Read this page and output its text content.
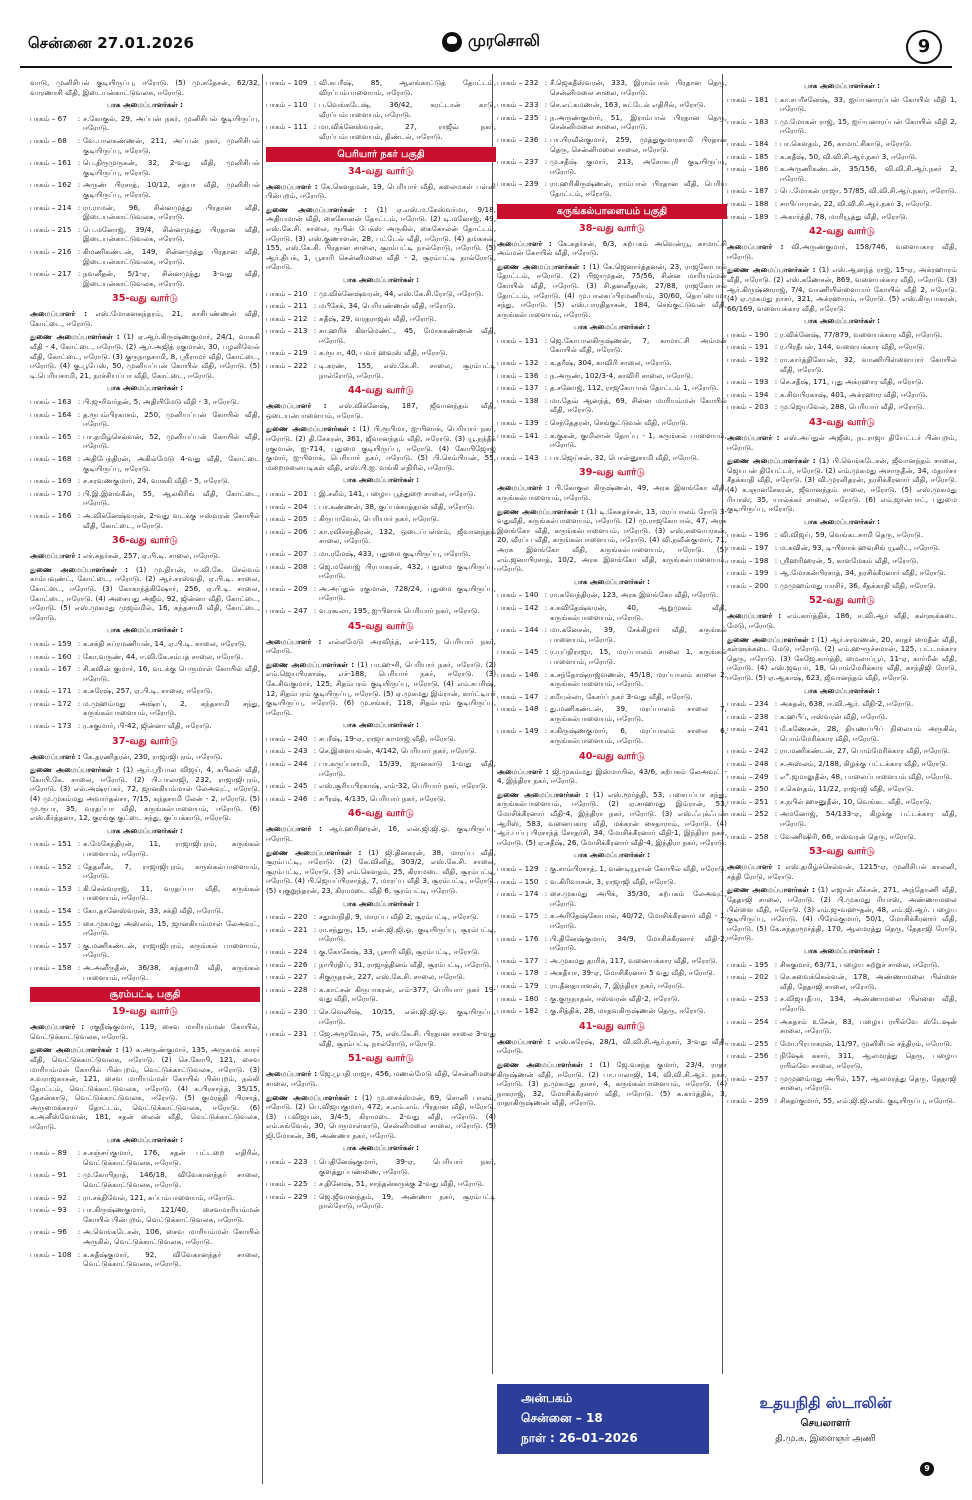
சென்னை 27.01.2026	முரசொலி	9
வாடு, முனிசிபல் குடியிருப்பு, ஈரோடு. (5) மு.சுதேசன், 62/32, வாரணாசி வீதி, இடையன்காட்டுவலசு, ஈரோடு.
பாக அமைப்பாளர்கள் :
பாகம் – 67	: ச.கோகுல், 29, அப்பன் நகர், முனிசிபல் குடியிருப்பு, ஈரோடு.
பாகம் – 68	: வே.பாலகண்ணன், 211, அப்பன் நகர், முனிசிபல் குடியிருப்பு, ஈரோடு.
பாகம் – 161 : பெ.திருமுருகன், 32, 2-வது வீதி, முனிசிபல் குடியிருப்பு, ஈரோடு.
பாகம் – 162 : அருண் பிரசாத், 10/12, சத்யா வீதி, முனிசிபல் குடியிருப்பு, ஈரோடு.
பாகம் – 214 : ரா.ராமன், 96, சின்னமுத்து பிரதான வீதி, இடையன்காட்டுவலசு, ஈரோடு.
பாகம் – 215 : பெ.மனோஜ், 39/4, சின்னமுத்து பிரதான வீதி, இடையன்காட்டுவலசு, ஈரோடு.
பாகம் – 216 : கிமணிகண்டன், 149, சின்னமுத்து பிரதான வீதி, இடையன்காட்டுவலசு, ஈரோடு.
பாகம் – 217 : நவனீதன், 5/1-ஏ, சின்னமுத்து 3-வது வீதி, இடையன்காட்டுவலசு, ஈரோடு.
35-வது வார்டு
அமைப்பாளர் : எஸ்.மோகனசுந்தரம், 21, காசிபண்ணன் வீதி, கோட்டை, ஈரோடு.
துணை அமைப்பாளர்கள் : (1) ஏ.ஆர்.கிருஷ்ணகுமார், 24/1, வாசுகி வீதி - 4, கோட்டை, ஈரோடு. (2) ஆர்.அஜித் ரகுமான், 30, பழனிவேல் வீதி, கோட்டை, ஈரோடு. (3) குருநாதசாமி, 8, ஸ்ரீராமர் வீதி, கோட்டை, ஈரோடு. (4) கு.பூபேஸ், 50, முனியப்பன் கோயில் வீதி, ஈரோடு. (5) டி.பெரியசாமி, 21, நாச்சியப்பா வீதி, கோட்டை, ஈரோடு.
பாக அமைப்பாளர்கள் :
பாகம் – 163 : பி.ஜுரிவர்தன், 5, அதியிமேடு வீதி - 3, ஈரோடு.
பாகம் – 164 : த.ரூபம்பிரகாசம், 250, முனியப்பன் கோயில் வீதி, ஈரோடு.
பாகம் – 165 : பா.தமிழ்செல்வன், 52, முனியப்பன் கோயில் வீதி, ஈரோடு.
பாகம் – 168 : அதிபேந்திரன், அகில்மேடு 4-வது வீதி, கோட்டை குடியிருப்பு, ஈரோடு.
பாகம் – 169 : ச.சரவணகுமார், 24, வாசுகி வீதி - 5, ஈரோடு.
பாகம் – 170 : பி.இ.இளங்கீன், 55, ஆலகிரிங் வீதி, கோட்டை, ஈரோடு.
பாகம் – 166 : அ.விக்னேஷ்வரன், 2-வது வடக்கு ஈஸ்வரன் கோயில் வீதி, கோட்டை, ஈரோடு.
36-வது வார்டு
அமைப்பாளர் : எச்.சுதர்சன், 257, ஏ.பி.டி. சாலை, ஈரோடு.
துணை அமைப்பாளர்கள் : (1) மு.தியன், ஈ.வி.கே. செல்வம் காம்பவுண்ட், கோட்டை, ஈரோடு. (2) ஆர்.சரஸ்வதி, ஏ.பி.டி. சாலை, கோட்டை, ஈரோடு. (3) கோகாந்த்கிஷோர், 256, ஏ.பி.டி. சாலை, கோட்டை, ஈரோடு. (4) அசையது அஜீம், 92, ஜின்னா வீதி, கோட்டை, ஈரோடு. (5) எஸ்.முகமது முஜம்மில், 16, கந்தசாமி வீதி, கோட்டை, ஈரோடு.
பாக அமைப்பாளர்கள் :
பாகம் – 159 : க.சக்தி சுப்ரமணியன், 14, ஏ.பி.டி. சாலை, ஈரோடு.
பாகம் – 160 : கோ.வருண், 44, ஈ.வி.கே.சம்பத் சாலை, ஈரோடு.
பாகம் – 167 : சி.கவின் குமார், 16, வடக்கு பெருமாள் கோயில் வீதி, ஈரோடு.
பாகம் – 171 : க.சுரேஷ், 257, ஏ.பி.டி. சாலை, ஈரோடு.
பாகம் – 172 : ம.முஹம்மது அஷ்ரப், 2, கந்தசாமி சந்து, கருங்கல்பாளையம், ஈரோடு.
பாகம் – 173 : ர.சுகுமார், பி-42, ஜின்னா வீதி, ஈரோடு.
37-வது வார்டு
அமைப்பாளர் : கே.தரணிதரன், 230, ராஜாஜிபுரம், ஈரோடு.
துணை அமைப்பாளர்கள் : (1) ஆர்.ஸ்ரீபால விஜய், 4, கபிலன் வீதி, கோபி.கே. சாலை, ஈரோடு. (2) பி.பாலாஜி, 232, ராஜாஜிபுரம், ஈரோடு. (3) எல்.அஷ்ரப்கர், 72, ஜானகியம்மாள் லேஅவுட், ஈரோடு. (4) மு.முகம்மது அவார்தல்சா, 7/15, கந்தசாமி லேன் - 2, ஈரோடு. (5) மு.ரூபா, 35, வரதப்பா வீதி, கருங்கல்பாளையம், ஈரோடு. (6) எஸ்.கீர்த்தனா, 12, குரங்கு குட்டை சந்து, குப்பக்காடு, ஈரோடு.
பாக அமைப்பாளர்கள் :
பாகம் – 151 : சு.மேகேந்திரன், 11, ராஜாஜிபுரம், கருங்கல் பாளையம், ஈரோடு.
பாகம் – 152 : தேதளீன், 7, ராஜாஜிபுரம், கருங்கல்பாளையம், ஈரோடு.
பாகம் – 153 : கி.செல்வராஜ், 11, வரதப்பா வீதி, கருங்கல் பாளையம், ஈரோடு.
பாகம் – 154 : கோ.தானேஸ்வரன், 33, சக்தி வீதி, ஈரோடு.
பாகம் – 155 : சை.முகமது அஸ்லம், 15, ஜானகியம்மாள் லேஅவுட், ஈரோடு.
பாகம் – 157 : கு.மணிகண்டன், ராஜாஜிபுரம், கருங்கல் பாளையம், ஈரோடு.
பாகம் – 158 : அ.அனீருதீன், 36/38, கந்தசாமி வீதி, கருங்கல் பாளையம், ஈரோடு.
சூரம்பட்டி பகுதி
19-வது வார்டு
அமைப்பாளர் : ரகுநீஷ்குமார், 119, சைவ மாரியம்மன் கோயில், வெட்டுக்காட்டுவலசு, ஈரோடு.
துணை அமைப்பாளர்கள் : (1) க.அருண்குமார், 135, அருகமக் காரர் வீதி, வெட்டுக்காட்டுவலசு, ஈரோடு. (2) செ.கோபி, 121, சைவ மாரியம்மன் கோயில் பின்புறம், வெட்டுக்காட்டுவலசு, ஈரோடு. (3) ச.வராஜகாசன், 121, சைவ மாரியம்மன் கோயில் பின்புறம், நல்லி தோட்டம், வெட்டுக்காட்டுவலசு, ஈரோடு. (4) க.பிரசாந்த், 35/15, தேசன்காடு, வெட்டுக்காட்டுவலசு, ஈரோடு. (5) குமரத்தி பிரசாத், அருமைக்காரர் தோட்டம், வெட்டுக்காட்டுவலசு, ஈரோடு. (6) க.அனீஸ்வேவன், 181, சதன் லைன் வீதி, வெட்டுக்காட்டுவலசு, ஈரோடு.
பாக அமைப்பாளர்கள் :
பாகம் – 89	: ச.சஞ்சய்குமார், 176, சதன் பட்டறை எதிரில், வெட்டுக்காட்டுவலசு, ஈரோடு.
பாகம் – 91	: மு.கோபிநாத், 146/18, விவேகானந்தர் சாலை, வெட்டுக்காட்டுவலசு, ஈரோடு.
பாகம் – 92	: ரா.சக்திவேல், 121, சுப்பம்பாளையம், ஈரோடு.
பாகம் – 93	: பா.கிருஷ்ணகுமார், 121/40, சைவமாரியம்மன் கோயில் பின்புறம், வெட்டுக்காட்டுவலசு, ஈரோடு.
பாகம் – 96	: அ.வெங்கடேசன், 106, சைவ மாரியம்மன் கோயில் அருகில், வெட்டுக்காட்டுவலசு, ஈரோடு.
பாகம் – 108 : க.சுதீஷ்குமார், 92, விவேகானந்தர் சாலை, வெட்டுக்காட்டுவலசு, ஈரோடு.
பாகம் – 109 : வி.சுபரீஷ், 85, ஆலங்காட்டுத் தோட்டம், விரப்பம்பாளையம், ஈரோடு.
பாகம் – 110 : ப.வெங்கடேஷ், 36/42, கரட்டான் காடு, வீரப்பம்பாளையம், ஈரோடு.
பாகம் – 111 : மா.விக்னேஸ்வரன், 27, ராஜீவ் நகர், வீரப்பம்பாளையம், திண்டல், ஈரோடு.
பெரியார் நகர் பகுதி
34-வது வார்டு
அமைப்பாளர் : கே.கௌதமன், 19, பெரியார் வீதி, கலைமகள் பள்ளி பின்புறம், ஈரோடு.
துணை அமைப்பாளர்கள் : (1) ஏ.எஸ்.ம.கேஸ்வர்மா, 9/18, அதியமான் வீதி, கைகோலன் தோட்டம், ஈரோடு. (2) டி.மனோஜ், 49, எஸ்.கே.சி. சாலை, ரூபின் பேக்ஸ் அருகில், கைகோலன் தோட்டம், ஈரோடு. (3) எஸ்.குணாளன், 28, பட்டேல் வீதி, ஈரோடு. (4) தங்கசன், 155, எஸ்.கே.சி. பிரதான சாலை, சூரம்பட்டி நால்ரோடு, ஈரோடு. (5) ஆர்.திபக், 1, பூசாரி சென்னிமலை வீதி - 2, சூரம்பட்டி நால்ரோடு, ஈரோடு.
பாக அமைப்பாளர்கள் :
பாகம் – 210 : மு.விக்னேஷ்வரன், 44, எஸ்.கே.சி.ரோடு, ஈரோடு.
பாகம் – 211 : மபீசேக், 34, பெரியண்ணன் வீதி, ஈரோடு.
பாகம் – 212 : சுதீஷ், 29, வரதராஜன் வீதி, ஈரோடு.
பாகம் – 213 : சா.ஹரிச் கிளமெண்ட், 45, மோசுகண்ணன் வீதி, ஈரோடு.
பாகம் – 219 : சு.ரூபா, 40, பவர் ஹவுஸ் வீதி, ஈரோடு.
பாகம் – 222 : டி.கரண், 155, எஸ்.கே.சி. சாலை, சூரம்பட்டி நால்ரோடு, ஈரோடு.
44-வது வார்டு
அமைப்பாளர் : எஸ்.விக்னேஷ், 187, ஜீவானந்தம் வீதி, ஒடையன்பாளையம், ஈரோடு.
துணை அமைப்பாளர்கள் : (1) பி.ரூபிமா, ஐ-பிளாக், பெரியார் நகர், ஈரோடு. (2) தி.சேகரன், 361, ஜீவானந்தம் வீதி, ஈரோடு. (3) யூ.நந்தீக் ரகுமான், ஐ-714, புதுமை குடியிருப்பு, ஈரோடு. (4) கோபிஜோஜ் குமார், ஐ-பிளாக், பெரியார் நகர், ஈரோடு. (5) பி.செம்பியன், 55, மறைமலையடிகள் வீதி, எஸ்.பி.ஐ. வங்கி எதிரில், ஈரோடு.
பாக அமைப்பாளர்கள் :
பாகம் – 201 : இ.சலீம், 141, பழைய பூந்துறை சாலை, ஈரோடு.
பாகம் – 204 : பா.கண்ணன், 38, குப்பக்காத்தான் வீதி, ஈரோடு.
பாகம் – 205 : கிருபாவேல், பெரியார் நகர், ஈரோடு.
பாகம் – 206 : கா.ரவிச்சந்திரன், 132, ஒடைப்பள்ளம், ஜீவானந்தம் சாலை, ஈரோடு.
பாகம் – 207 : மா.ரமேஷ், 433, புதுமை குடியிருப்பு, ஈரோடு.
பாகம் – 208 : ஜெ.மனோஜ் பிரபாகரன், 432, புதுமை குடியிருப்பு, ஈரோடு.
பாகம் – 209 : அ.அப்துல் ரகுமான், 728/24, புதுமை குடியிருப்பு, ஈரோடு.
பாகம் – 247 : வ.ரகூலா, 195, ஐ-பிளாக் பெரியார் நகர், ஈரோடு.
45-வது வார்டு
அமைப்பாளர் : எல்லமேடு அரவிந்த், எச்-115, பெரியார் நகர், ஈரோடு.
துணை அமைப்பாளர்கள் : (1) பா.ஹுரி, பெரியார் நகர், ஈரோடு. (2) எம்.ஜெயபிரகாஷ், எச்-188, பெரியார் நகர், ஈரோடு. (3) கே.சிவகுமார், 125, சிதம்பரம் குடியிருப்பு, ஈரோடு. (4) எம்.சபரிஷ், 12, சிதம்பரம் குடியிருப்பு, ஈரோடு. (5) ஏ.முகமது இம்ரான், கார்ட்டியர் குடியிருப்பு, ஈரோடு. (6) மு.சங்கர், 118, சிதம்பரம் குடியிருப்பு, ஈரோடு.
பாக அமைப்பாளர்கள் :
பாகம் – 240 : சபரீஷ், 19-ஏ, ராஜா காமாஜ் வீதி, ஈரோடு.
பாகம் – 243 : செ.இளையவன், 4/142, பெரியார் நகர், ஈரோடு.
பாகம் – 244 : பா.சுருப்பசாமி, 15/39, ஜானகாடு 1-வது வீதி, ஈரோடு.
பாகம் – 245 : எஸ்.சூரியபிரகாஷ், எம்-32, பெரியார் நகர், ஈரோடு.
பாகம் – 246 : சபீரஷ், 4/135, பெரியார் நகர், ஈரோடு.
46-வது வார்டு
அமைப்பாளர் : ஆர்.ஹரிஹரன், 16, என்.ஜி.ஜி.ஓ. குடியிருப்பு, ஈரோடு.
துணை அமைப்பாளர்கள் : (1) ஜி.தினகரன், 38, மாரப்ப வீதி, சூரம்பட்டி, ஈரோடு. (2) கே.வினித், 303/2, எஸ்.கே.சி. சாலை, சூரம்பட்டி, ஈரோடு. (3) எம்.கௌதம், 25, கிராமடை வீதி, சூரம்பட்டி, ஈரோடு. (4) பி.ஜெயப்பிரசாந்த், 7, மாரப்ப வீதி 3, சூரம்பட்டி, ஈரோடு. (5) யுகுறுந்தரன், 23, கிராமடை வீதி 6, சூரம்பட்டி, ஈரோடு.
பாக அமைப்பாளர்கள் :
பாகம் – 220 : சதுமாநிதி, 9, மாரப்ப வீதி 2, சூரம்பட்டி, ஈரோடு.
பாகம் – 221 : ரா.சந்துரு, 15, என்.ஜி.ஜி.ஓ. குடியிருப்பு, சூரம்பட்டி, ஈரோடு.
பாகம் – 224 : கு.கோகேஷ், 33, பூசாரி வீதி, சூரம்பட்டி, ஈரோடு.
பாகம் – 226 : நாபிரதிப், 31, ராஜாத்தினம் வீதி, சூரம்பட்டி, ஈரோடு.
பாகம் – 227 : சிகுருதரன், 227, எஸ்.கே.சி. சாலை, ஈரோடு.
பாகம் – 228 : க.காட்சன் கிருபாகரன், எம்-377, பெரியார் நகர் 19-வது வீதி, ஈரோடு.
பாகம் – 230 : செ.வெனிஷ், 10/15, என்.ஜி.ஜி.ஓ. குடியிருப்பு, ஈரோடு.
பாகம் – 231 : ஜே.அமூவேல், 75, எஸ்.கே.சி. பிரதான சாலை 3-வது வீதி, சூரம்பட்டி நால்ரோடு, ஈரோடு.
51-வது வார்டு
அமைப்பாளர் : ஜே.பூபதி ராஜா, 456, மணல்மேடு வீதி, சென்னிமலை சாலை, ஈரோடு.
துணை அமைப்பாளர்கள் : (1) மு.சைக்ஸ்மன், 69, சொனி பாலம், ஈரோடு. (2) பெ.விஜயகுமார், 472, ச.எம்.எம். பிரதான வீதி, ஈரோடு. (3) ப.விஜயன், 3/4-5, கிராமடை 2-வது வீதி, ஈரோடு. (4) எம்.சுங்வேல், 30, பெருமாள்காடு, சென்னிமலை சாலை, ஈரோடு. (5) ஜி.மோகன், 36, அண்ணா நகர், ஈரோடு.
பாக அமைப்பாளர்கள் :
பாகம் – 223 : பெதினேஷ்குமார், 39-ஏ, பெரியார் நகர், குளத்துப்பண்ணை, ஈரோடு.
பாகம் – 225 : ச.தினேஷ், 51, சாந்தன்கருக்கு 2-வது வீதி, ஈரோடு.
பாகம் – 229 : ஜெ.ஜீவானந்தம், 19, அண்ணா நகர், சூரம்பட்டி நால்ரோடு, ஈரோடு.
பாகம் – 232 : சீ.ஜெகதீஸ்வரன், 333, இராம்பால் பிரதான தெரு, சென்னிமலை சாலை, ஈரோடு.
பாகம் – 233 : செ.எட்சுமணன், 163, சுட்டேல் எதிரில், ஈரோடு.
பாகம் – 235 : ந.அருண்குமார், 51, இராம்பால் பிரதான தெரு, சென்னிமலை சாலை, ஈரோடு.
பாகம் – 236 : பா.பிரவீன்குமார், 259, முத்துகுமாரசாமி பிரதான தெரு, சென்னிமலை சாலை, ஈரோடு.
பாகம் – 237 : மு.சதீஷ் குமார், 213, அசோகபுரி குடியிருப்பு, ஈரோடு.
பாகம் – 239 : ரா.ஹரிகிருஷ்ணன், ராம்பால் பிரதான வீதி, பெரிய தோட்டம், ஈரோடு.
கருங்கல்பாளையம் பகுதி
38-வது வார்டு
அமைப்பாளர் : கே.சுதர்சன், 6/3, கற்பகம் அவென்யூ, காமாட்சி அம்மன் கோயில் வீதி, ஈரோடு.
துணை அமைப்பாளர்கள் : (1) கே.ஜெனார்த்தனன், 23, ராஜகோபால் தோட்டம், ஈரோடு. (2) பிஜாமுதன், 75/56, சின்ன மாரியம்மன் கோயில் வீதி, ஈரோடு. (3) சி.தனனீதரன், 27/88, ராஜகோபால் தோட்டம், ஈரோடு. (4) மு.பாலசுப்பிரமணியம், 30/60, தொப்பைமா சந்து, ஈரோடு. (5) எஸ்.பாரதிதாசன், 184, செங்குட்டுவன் வீதி, கருங்கல்பாளையம், ஈரோடு.
பாக அமைப்பாளர்கள் :
பாகம் – 131 : ஜெ.கோபாலகிருஷ்ணன், 7, காமாட்சி அம்மன் கோயில் வீதி, ஈரோடு.
பாகம் – 132 : க.தரீஷ், 304, காவிரி சாலை, ஈரோடு.
பாகம் – 136 : ந.அருண், 102/3-4, காவிரி சாலை, ஈரோடு.
பாகம் – 137 : த.சனோஜ், 112, ராஜகோபால் தோட்டம் 1, ஈரோடு.
பாகம் – 138 : மா.தேவ் ஆனந்த், 69, சின்ன மாரியம்மன் கோயில் வீதி, ஈரோடு.
பாகம் – 139 : செந்தேதரன், செங்குட்டுவன் வீதி, ஈரோடு.
பாகம் – 141 : க.குகன், குமிலான் தோப்பு - 1, கருங்கல் பாளையம், ஈரோடு.
பாகம் – 143 : பா.ஜெய்சன், 32, பொன்னுசாமி வீதி, ஈரோடு.
39-வது வார்டு
அமைப்பாளர் : பி.கோகுல கிருஷ்ணன், 49, அரசு இளங்கோ வீதி, கருங்கல்பாளையம், ஈரோடு.
துணை அமைப்பாளர்கள் : (1) டி.கேசுதர்சன், 13, மரப்பாலம் ரோடு 3-வதுவீதி, கருங்கல்பாளையம், ஈரோடு. (2) மு.ராஜகோபால், 47, அரசு இளங்கோ வீதி, கருங்கல்பாளையம், ஈரோடு. (3) எஸ்.சுவையரசன், 20, வீரப்ப வீதி, கருங்கல்பாளையம், ஈரோடு. (4) வி.நவீன்குமார், 71, அரசு இளங்கோ வீதி, கருங்கல்பாளையம், ஈரோடு. (5) எம்.ஜனாபிரசாத், 10/2, அரசு இளங்கோ வீதி, கருங்கல்பாளையம், ஈரோடு.
பாக அமைப்பாளர்கள் :
பாகம் – 140 : ரா.சுவேந்திரன், 123, அரசு இளங்கோ வீதி, ஈரோடு.
பாகம் – 142 : ச.கவிதேஷ்வரன், 40, ஆறுமுகம் வீதி, கருங்கல்பாளையம், ஈரோடு.
பாகம் – 144 : மா.கனேசன், 39, சேக்கிழார் வீதி, கருங்கல் பாளையம், ஈரோடு.
பாகம் – 145 : ர.யுப்திராஜா, 15, மரப்பாலம் சாலை 1, கருங்கல் பாளையம், ஈரோடு.
பாகம் – 146 : க.சந்தோஷ்ராஜ்வணன், 45/18, மரப்பாலம் சாலை 2, கருங்கல்பாளையம், ஈரோடு.
பாகம் – 147 : சமீயுல்லா, கேசர்ப் நகர் 3-வது வீதி, ஈரோடு.
பாகம் – 148 : து.மணிகண்டன், 39, மரப்பாலம் சாலை 7, கருங்கல்பாளையம், ஈரோடு.
பாகம் – 149 : ச.கிருஷ்ணகுமார், 6, மரப்பாலம் சாலை 6, கருங்கல்பாளையம், ஈரோடு.
40-வது வார்டு
அமைப்பாளர் : ஜி.முகம்மது இஸ்மாயில், 43/6, கற்பகம் லேஅவுட் - 4, இந்திரா நகர், ஈரோடு.
துணை அமைப்பாளர்கள் : (1) எஸ்.மூர்த்தி, 53, பசைபப்பா சந்து, கருங்கல்பாளையம், ஈரோடு. (2) ஏ.சாஹமது இம்ரான், 53, மோசிக்கீரனார் வீதி-4, இந்திரா நகர், ஈரோடு. (3) எஸ்.ஃபுக்ஃபன் ஆரிஸ், 583, வனையகார வீதி, மக்கான் சைதாராம், ஈரோடு. (4) ஆர்.பப்பு பிரசாந்த் சோதர்சி, 34, மோசிக்கீரனார் வீதி-1, இந்திரா நகர், ஈரோடு. (5) ஏ.சதீஷ், 26, மோசிக்கீரனார் வீதி-4, இந்திரா நகர், ஈரோடு.
பாக அமைப்பாளர்கள் :
பாகம் – 129 : கு.சாம்பிரசாத், 1, வண்டியூரான் கோயில் வீதி, ஈரோடு.
பாகம் – 150 : வ.கிரிவாசன், 3, ராஜாஜி வீதி, ஈரோடு.
பாகம் – 174 : சை.முகமது அபிக், 35/30, கற்பகம் லேஅவுட், ஈரோடு.
பாகம் – 175 : சு.அரிதேஷ்கோபால், 40/72, மோசிக்கீரனார் வீதி - 1, ஈரோடு.
பாகம் – 176 : பி.தினேஷ்குமார், 34/9, மோசிக்கீரனார் வீதி-2, ஈரோடு.
பாகம் – 177 : அ.முகமது தாரிக், 117, வனையக்கார வீதி, ஈரோடு.
பாகம் – 178 : அசுதீயா, 39-ஏ, மோசிகீரனார் 5 வது வீதி, ஈரோடு.
பாகம் – 179 : ரா.தீனதயாளன், 7, இந்திரா நகர், ஈரோடு.
பாகம் – 180 : கு.குருநாதன், ஈஸ்வரன் வீதி-2, ஈரோடு.
பாகம் – 182 : கு.சித்திக், 28, மாதவகிருஷ்ணன் தெரு, ஈரோடு.
41-வது வார்டு
அமைப்பாளர் : எஸ்.சுரேஷ், 28/1, வி.வி.சி.ஆர்.நகர், 3-வது வீதி, ஈரோடு.
துணை அமைப்பாளர்கள் : (1) ஜே.வசந்த குமார், 23/4, ராதா கிருஷ்ணன் வீதி, ஈரோடு. (2) பா.பாலாஜி, 14, வி.வி.சி.ஆர். நகர், ஈரோடு. (3) ந.முகமது நாசர், 4, கருங்கல்பாளையம், ஈரோடு. (4) நாகராஜ், 32, மோசிக்கீரனார் வீதி, ஈரோடு. (5) க.கார்த்திக், 3, ராதாகிருஷ்ணன் வீதி, ஈரோடு.
பாக அமைப்பாளர்கள் :
பாகம் – 181 : கா.சபரீசனேஷ், 33, ஐய்யனாரப்பன் கோயில் வீதி 1, ஈரோடு.
பாகம் – 183 : மு.மோகன் ராஜ், 15, ஐய்யனாரப்பன் கோயில் வீதி 2, ஈரோடு.
பாகம் – 184 : பா.கௌதம், 26, காமாட்சிகாடு, ஈரோடு.
பாகம் – 185 : க.சுதீஷ், 50, வி.வி.சி.ஆர்.நகர் 3, ஈரோடு.
பாகம் – 186 : க.அருணிகண்டன், 35/156, வி.வி.சி.ஆர்.நகர் 2, ஈரோடு.
பாகம் – 187 : பெ.மோகன் ராஜா, 57/85, வி.வி.சி.ஆர்.நகர், ஈரோடு.
பாகம் – 188 : சாபிப்ஈரான், 22, வி.வி.சி.ஆர்.நகர் 3, ஈரோடு.
பாகம் – 189 : அகார்த்தி, 78, மாரியூத்து வீதி, ஈரோடு.
42-வது வார்டு
அமைப்பாளர் : வி.அருண்குமார், 158/746, வளையகார வீதி, ஈரோடு.
துணை அமைப்பாளர்கள் : (1) எஸ்.ஆனந்த் ராஜ், 15-ஏ, அக்ரஹாரம் வீதி, ஈரோடு. (2) எஸ்.கணேசன், 869, வளையக்கார வீதி, ஈரோடு. (3) ஆர்.கிருஷ்ணராஜ், 7/4, வாணியிள்ளையார் கோயில் வீதி 2, ஈரோடு. (4) ஏ.முகமது நாசர், 321, அக்ரஹாரம், ஈரோடு. (5) எஸ்.கிருபாகரன், 66/169, வளையக்கார வீதி, ஈரோடு.
பாக அமைப்பாளர்கள் :
பாகம் – 190 : ர.விக்னேஷ், 77/879, வளையக்கார வீதி, ஈரோடு.
பாகம் – 191 : ர.பிரதீபன், 144, வளையக்கார வீதி, ஈரோடு.
பாகம் – 192 : ரா.கார்த்திகேயன், 32, வாணியிள்ளையார் கோயில் வீதி, ஈரோடு.
பாகம் – 193 : செ.சதீஷ், 171, புது அக்ரஹார வீதி, ஈரோடு.
பாகம் – 194 : க.சிவபிரகாஷ், 401, அக்ரஹார வீதி, ஈரோடு.
பாகம் – 203 : மு.ஜெயவேல், 288, பெரியார் வீதி, ஈரோடு.
43-வது வார்டு
அமைப்பாளர் : எஸ்.அப்துல் அஜீஸ், நடராஜா தியேட்டர் பின்புறம், ஈரோடு.
துணை அமைப்பாளர்கள் : (1) பி.வெங்கடேசன், ஜீவானந்தம் சாலை, ஜெயபன் தியேட்டர், ஈரோடு. (2) எம்.முகமது அசாருதீன், 34, மதார்சா சீதக்காதி வீதி, ஈரோடு. (3) வி.முரளிதரன், நரசிக்கீரனார் வீதி, ஈரோடு. (4) க.ஞானசேகரன், ஜீவானந்தம் சாலை, ஈரோடு. (5) எஸ்.முகமது ரியாஸ், 35, யால்க்கர் சாலை, ஈரோடு. (6) எம்.ஜான்பாட், புதுமை குடியிருப்பு, ஈரோடு.
பாக அமைப்பாளர்கள் :
பாகம் – 196 : வி.விஜய், 59, வெங்கடசாமி தெரு, ஈரோடு.
பாகம் – 197 : ம.கவின், 93, டி-பிளாக் ஹவுசிங் யூனிட், ஈரோடு.
பாகம் – 198 : ஸ்ரீஹரிஹரன், 5, காளமேகம் வீதி, ஈரோடு.
பாகம் – 199 : ஆ.மோகன்பிரசாத், 34, நரசிக்கீரனார் வீதி, ஈரோடு.
பாகம் – 200 : முமுஹம்மது யாசிர், 36, சீதக்காதி வீதி, ஈரோடு.
52-வது வார்டு
அமைப்பாளர் : எம்.கார்த்திக், 186, ஈ.வி.ஆர் வீதி, கள்ளுக்கடை மேடு, ஈரோடு.
துணை அமைப்பாளர்கள் : (1) ஆர்.சரவணன், 20, காதர் மைதீன் வீதி, கள்ளுக்கடை மேடு, ஈரோடு. (2) எம்.ஹுருச்சமான், 125, பட்டாக்கார தெரு, ஈரோடு. (3) கேஜே.கார்த்தி, மைலாப்பூர், 11-ஏ, கார்மீன் வீதி, ஈரோடு. (4) எஸ்.ஜவுபர், 18, பொம்மேரிக்கார வீதி, காந்திஜி ரோடு, ஈரோடு. (5) ஏ.ஆகாஷ், 623, ஜீவானந்தம் வீதி, ஈரோடு.
பாக அமைப்பாளர்கள் :
பாகம் – 234 : அசுதன், 638, ஈ.வி.ஆர். வீதி-2, ஈரோடு.
பாகம் – 238 : க.ஹபீப், ஈஸ்வரன் வீதி, ஈரோடு.
பாகம் – 241 : மீ.கணேசன், 28, தியணப்பிப் நிலையம் அருகில், பொம்மேரிக்கார வீதி, ஈரோடு.
பாகம் – 242 : ரா.மணிகண்டன், 27, பொம்மேரிக்கார வீதி, ஈரோடு.
பாகம் – 248 : ச.அஸ்லம், 2/188, கிழக்கு பட்டக்கார வீதி, ஈரோடு.
பாகம் – 249 : எீ.ஜமாலுதீன், 48, பாலைப்பாளையம் வீதி, ஈரோடு.
பாகம் – 250 : ச.கௌதம், 11/22, ராஜாஜி வீதி, ஈரோடு.
பாகம் – 251 : ச.நபில் ஹசனுதீன், 10, வெங்கட வீதி, ஈரோடு.
பாகம் – 252 : அமனோஜ், 54/133-ஏ, கிழக்கு பட்டக்கார வீதி, ஈரோடு.
பாகம் – 258 : வேணிஷிரி, 66, ஈஸ்வரன் தெரு, ஈரோடு.
53-வது வார்டு
அமைப்பாளர் : எஸ்.தமிழ்ச்செல்வன், 1215-ஏ, முனிசிபல் காலனி, சத்தி ரோடு, ஈரோடு.
துணை அமைப்பாளர்கள் : (1) எஜான் லீக்சன், 271, அந்தோணி வீதி, தேதாஜி சாலை, ஈரோடு. (2) பி.முகமது ரியாஸ், அண்ணாமலை பிள்ளை வீதி, ஈரோடு. (3) எம்.ஜுவஹுதன், 48, எம்.ஜி.ஆர். பழைய குடியிருப்பு, ஈரோடு. (4) பிரேம்குமார், 50/1, மோசிக்கீரனார் வீதி, ஈரோடு. (5) கே.சுந்தரமூர்த்தி, 170, ஆலமரத்து தெரு, தேதாஜி ரோடு, ஈரோடு.
பாக அமைப்பாளர்கள் :
பாகம் – 195 : சிசுகுமார், 63/71, பழைய சுற்றுச் சாலை, ஈரோடு.
பாகம் – 202 : செ.சுவைக்கெல்வன், 178, அண்ணாமலை பிள்ளை வீதி, தேதாஜி சாலை, ஈரோடு.
பாகம் – 253 : ச.விஜயதீபா, 134, அண்ணாமலை பிள்ளை வீதி, ஈரோடு.
பாகம் – 254 : அசுதாம் உசேன், 83, பழைய ரயில்வே ஸ்டேஷன் சாலை, ஈரோடு.
பாகம் – 255 : மோ.பிரபாகரன், 11/97, முனிசிபல் சத்திரம், ஈரோடு.
பாகம் – 256 : நிஷேக் கசார், 311, ஆலமரத்து தெரு, பழைய ரயில்வே சாலை, ஈரோடு.
பாகம் – 257 : முமுஹம்மது அபில், 157, ஆலமரத்து தெரு, தேதாஜி சாலை, ஈரோடு.
பாகம் – 259 : சிசுதர்குமார், 55, எம்.ஜி.ஜி.எஸ். குடியிருப்பு, ஈரோடு.
அன்பகம்
சென்னை – 18
நாள் : 26–01–2026
உதயநிதி ஸ்டாலின்
செயலாளர்
தி.மு.க. இளைஞர் அணி
9
